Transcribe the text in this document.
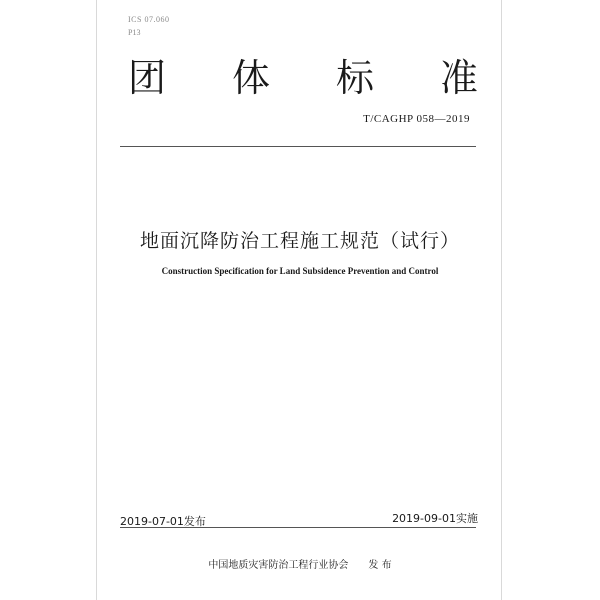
ICS 07.060
P13
团 体 标 准
T/CAGHP 058—2019
地面沉降防治工程施工规范（试行）
Construction Specification for Land Subsidence Prevention and Control
2019-07-01发布	2019-09-01实施
中国地质灾害防治工程行业协会 发 布
